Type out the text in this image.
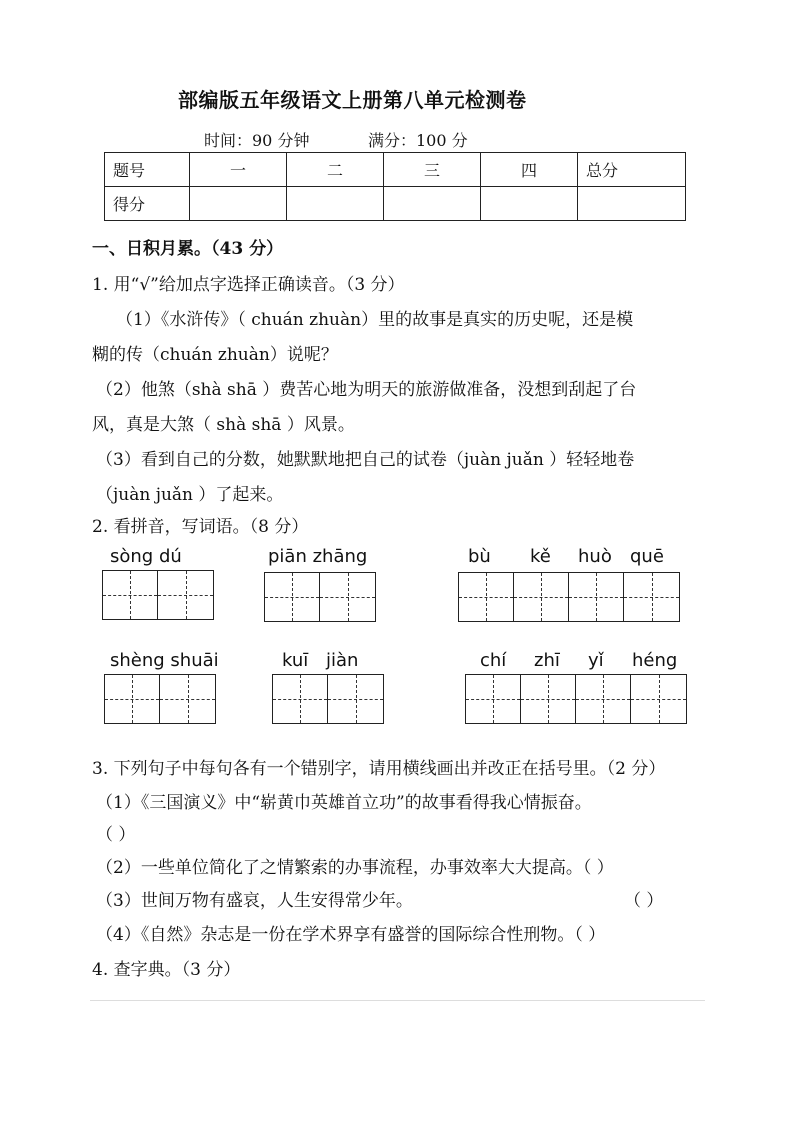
部编版五年级语文上册第八单元检测卷
时间：90 分钟	满分：100 分
题号	一	二	三	四	总分
得分					
一、日积月累。（43 分）
1. 用“√”给加点字选择正确读音。（3 分）
（1）《水浒传》（ chuán zhuàn）里的故事是真实的历史呢，还是模
糊的传（chuán zhuàn）说呢？
（2）他煞（shà shā ）费苦心地为明天的旅游做准备，没想到刮起了台
风，真是大煞（ shà shā ）风景。
（3）看到自己的分数，她默默地把自己的试卷（juàn juǎn ）轻轻地卷
（juàn juǎn ）了起来。
2. 看拼音，写词语。（8 分）
sòng dú	piān zhāng	bù kě huò quē
shèng shuāi	kuī jiàn	chí zhī yǐ héng
3. 下列句子中每句各有一个错别字，请用横线画出并改正在括号里。（2 分）
（1）《三国演义》中“崭黄巾英雄首立功”的故事看得我心情振奋。
（ ）
（2）一些单位简化了之情繁索的办事流程，办事效率大大提高。（ ）
（3）世间万物有盛哀，人生安得常少年。	（ ）
（4）《自然》杂志是一份在学术界享有盛誉的国际综合性刑物。（ ）
4. 查字典。（3 分）
